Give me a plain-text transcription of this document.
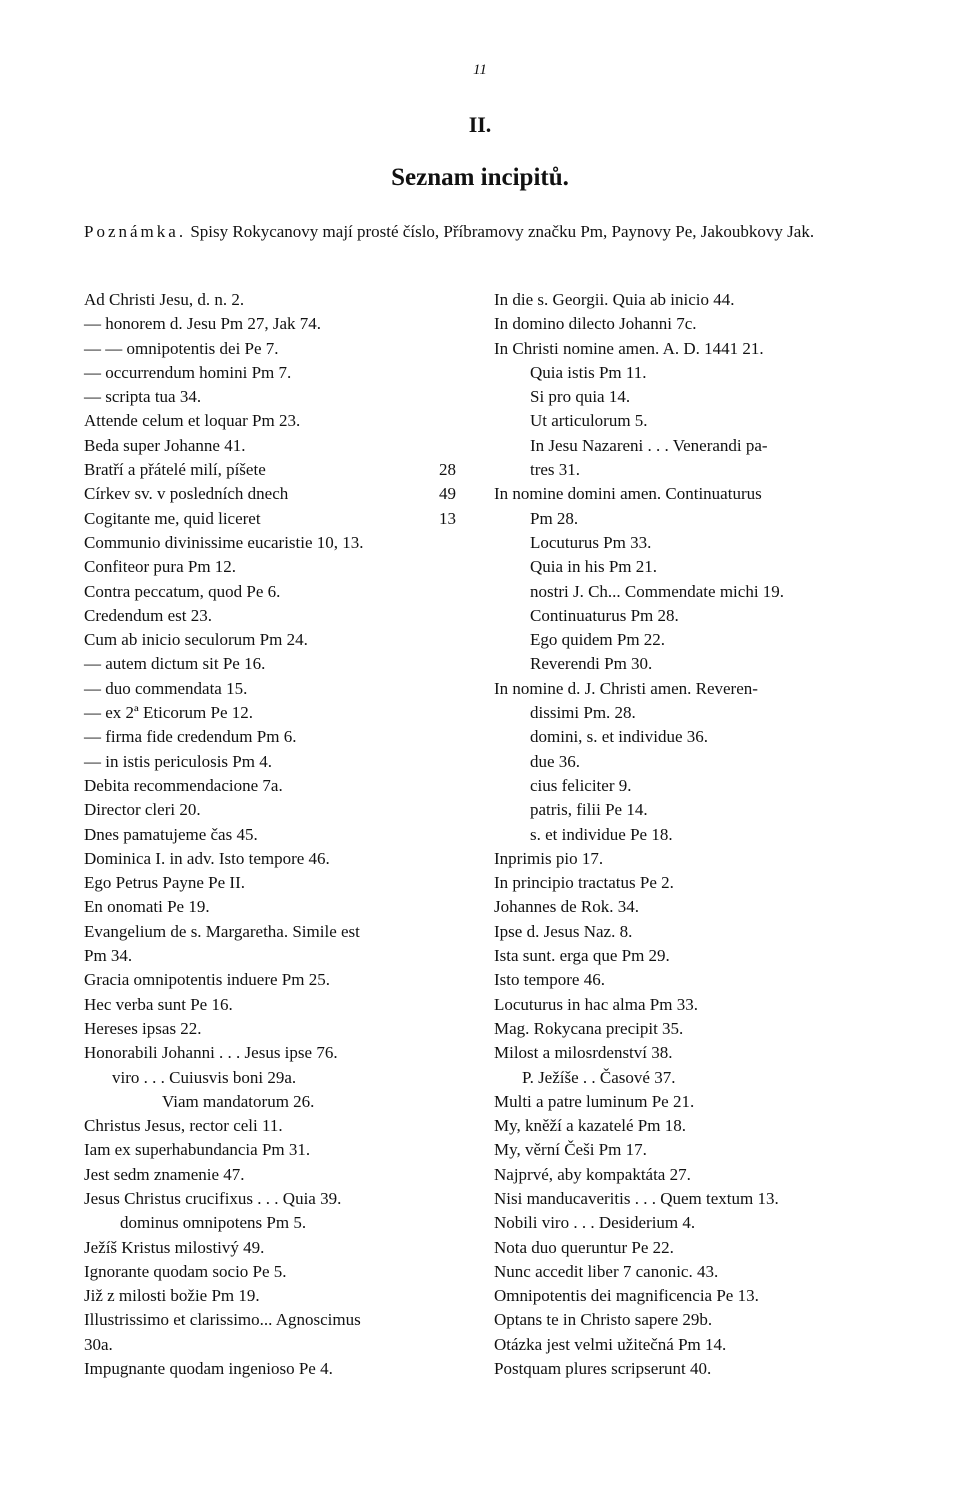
11
II.
Seznam incipitů.
Poznámka. Spisy Rokycanovy mají prosté číslo, Příbramovy značku Pm, Paynovy Pe, Jakoubkovy Jak.
Ad Christi Jesu, d. n. 2.
— honorem d. Jesu Pm 27, Jak 74.
— — omnipotentis dei Pe 7.
— occurrendum homini Pm 7.
— scripta tua 34.
Attende celum et loquar Pm 23.
Beda super Johanne 41.
Bratří a přátelé milí, píšete	28
Církev sv. v posledních dnech	49
Cogitante me, quid liceret	13
Communio divinissime eucaristie 10, 13.
Confiteor pura Pm 12.
Contra peccatum, quod Pe 6.
Credendum est 23.
Cum ab inicio seculorum Pm 24.
— autem dictum sit Pe 16.
— duo commendata 15.
— ex 2ª Eticorum Pe 12.
— firma fide credendum Pm 6.
— in istis periculosis Pm 4.
Debita recommendacione 7a.
Director cleri 20.
Dnes pamatujeme čas 45.
Dominica I. in adv. Isto tempore 46.
Ego Petrus Payne Pe II.
En onomati Pe 19.
Evangelium de s. Margaretha. Simile est
Pm 34.
Gracia omnipotentis induere Pm 25.
Hec verba sunt Pe 16.
Hereses ipsas 22.
Honorabili Johanni . . . Jesus ipse 76.
viro . . . Cuiusvis boni 29a.
Viam mandatorum 26.
Christus Jesus, rector celi 11.
Iam ex superhabundancia Pm 31.
Jest sedm znamenie 47.
Jesus Christus crucifixus . . . Quia 39.
dominus omnipotens Pm 5.
Ježíš Kristus milostivý 49.
Ignorante quodam socio Pe 5.
Již z milosti božie Pm 19.
Illustrissimo et clarissimo... Agnoscimus
30a.
Impugnante quodam ingenioso Pe 4.
In die s. Georgii. Quia ab inicio 44.
In domino dilecto Johanni 7c.
In Christi nomine amen. A. D. 1441 21.
Quia istis Pm 11.
Si pro quia 14.
Ut articulorum 5.
In Jesu Nazareni . . . Venerandi pa-
tres 31.
In nomine domini amen. Continuaturus
Pm 28.
Locuturus Pm 33.
Quia in his Pm 21.
nostri J. Ch... Commendate michi 19.
Continuaturus Pm 28.
Ego quidem Pm 22.
Reverendi Pm 30.
In nomine d. J. Christi amen. Reveren-
dissimi Pm. 28.
domini, s. et individue 36.
due 36.
cius feliciter 9.
patris, filii Pe 14.
s. et individue Pe 18.
Inprimis pio 17.
In principio tractatus Pe 2.
Johannes de Rok. 34.
Ipse d. Jesus Naz. 8.
Ista sunt. erga que Pm 29.
Isto tempore 46.
Locuturus in hac alma Pm 33.
Mag. Rokycana precipit 35.
Milost a milosrdenství 38.
P. Ježíše . . Časové 37.
Multi a patre luminum Pe 21.
My, kněží a kazatelé Pm 18.
My, věrní Češi Pm 17.
Najprvé, aby kompaktáta 27.
Nisi manducaveritis . . . Quem textum 13.
Nobili viro . . . Desiderium 4.
Nota duo queruntur Pe 22.
Nunc accedit liber 7 canonic. 43.
Omnipotentis dei magnificencia Pe 13.
Optans te in Christo sapere 29b.
Otázka jest velmi užitečná Pm 14.
Postquam plures scripserunt 40.
